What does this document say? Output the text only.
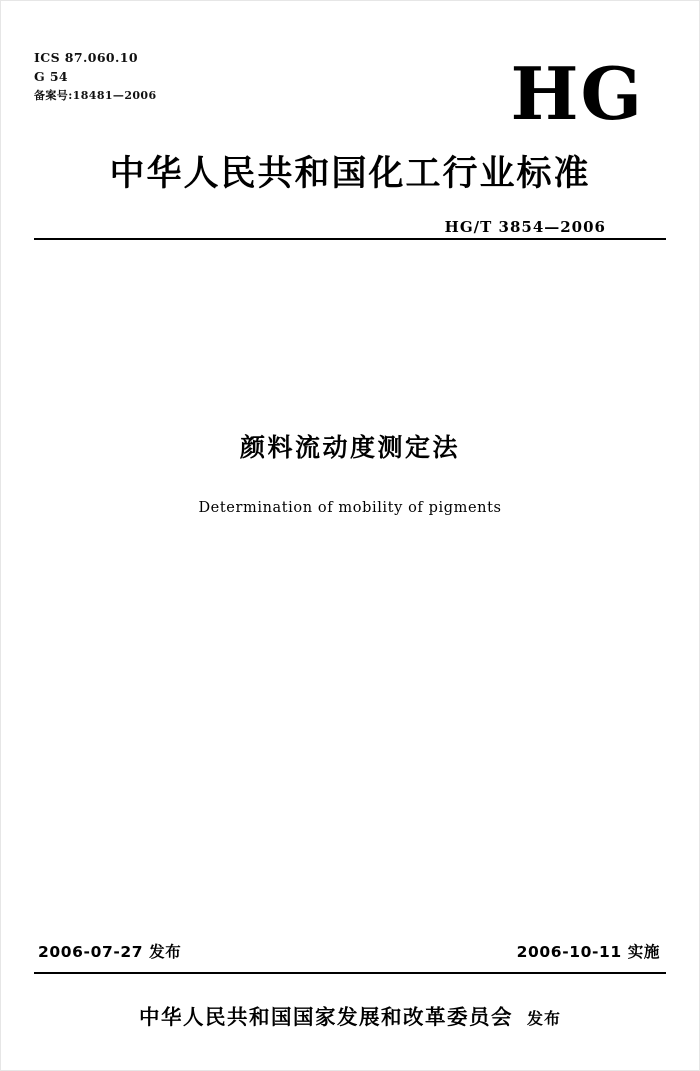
ICS 87.060.10
G 54
备案号:18481—2006	HG
中华人民共和国化工行业标准
HG/T 3854—2006
颜料流动度测定法
Determination of mobility of pigments
2006-07-27 发布	2006-10-11 实施
中华人民共和国国家发展和改革委员会 发布
